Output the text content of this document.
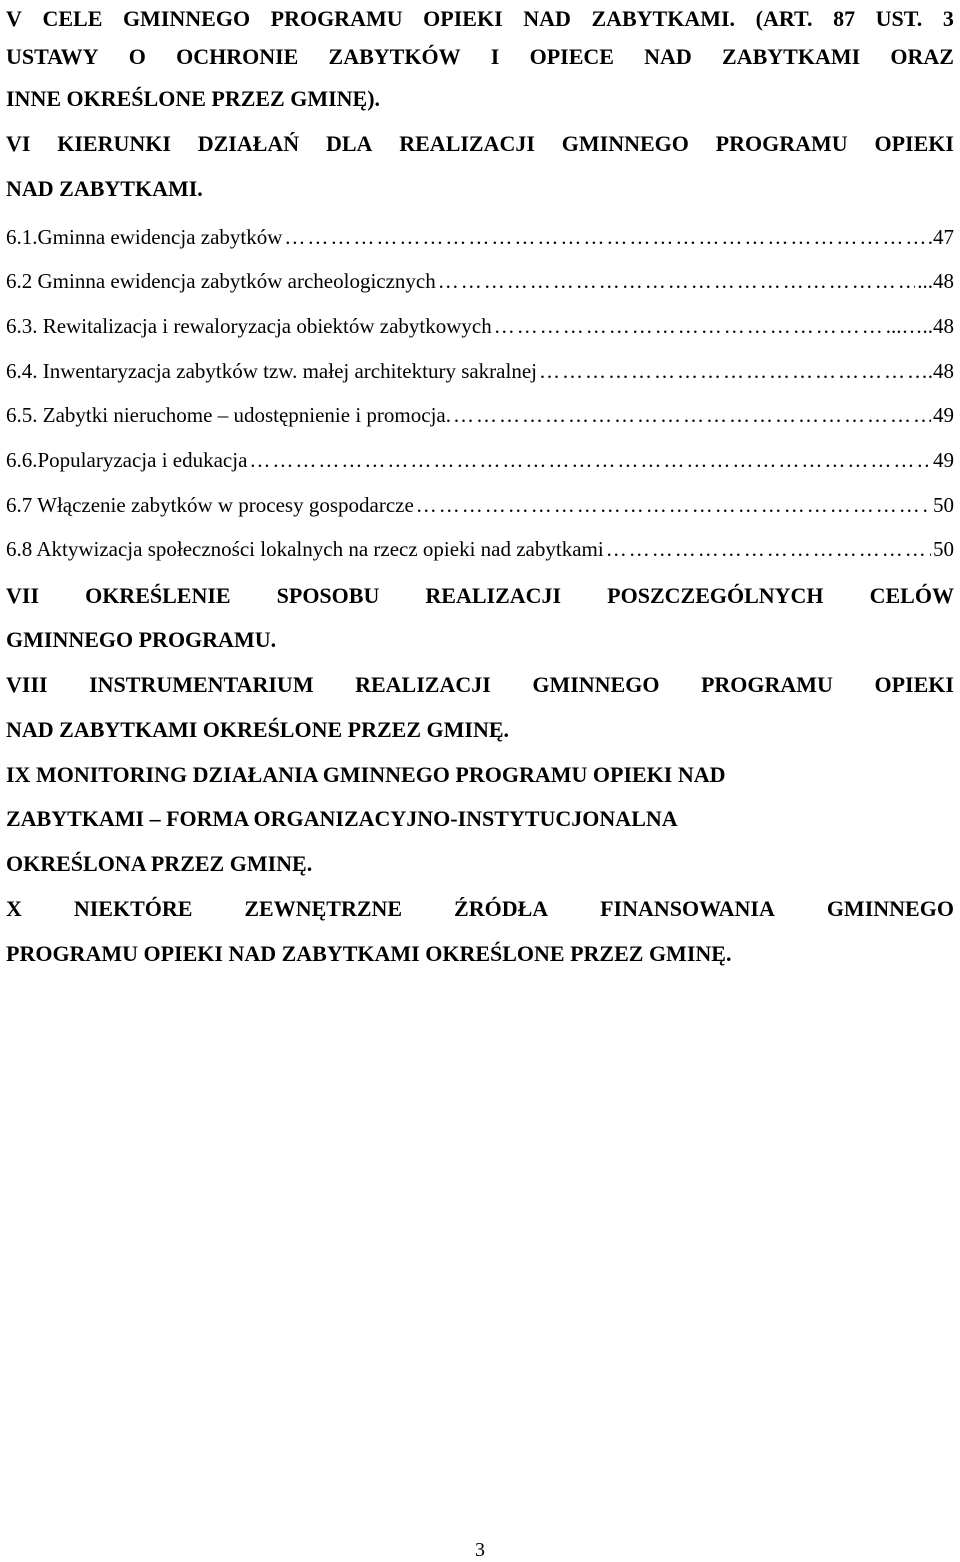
V CELE GMINNEGO PROGRAMU OPIEKI NAD ZABYTKAMI. (ART. 87 UST. 3
USTAWY O OCHRONIE ZABYTKÓW I OPIECE NAD ZABYTKAMI ORAZ
INNE OKREŚLONE PRZEZ GMINĘ).
VI KIERUNKI DZIAŁAŃ DLA REALIZACJI GMINNEGO PROGRAMU OPIEKI
NAD ZABYTKAMI.
6.1.Gminna ewidencja zabytków …………………………………………………………………………………………………………………………………………	.47
6.2 Gminna ewidencja zabytków archeologicznych …………………………………………………………………………………………………………………………………………	...48
6.3. Rewitalizacja i rewaloryzacja obiektów zabytkowych …………………………………………………………………………………………………………………………………………	...…..48
6.4. Inwentaryzacja zabytków tzw. małej architektury sakralnej …………………………………………………………………………………………………………………………………………	.48
6.5. Zabytki nieruchome – udostępnienie i promocja. …………………………………………………………………………………………………………………………………………	49
6.6.Popularyzacja i edukacja …………………………………………………………………………………………………………………………………………	49
6.7 Włączenie zabytków w procesy gospodarcze …………………………………………………………………………………………………………………………………………	50
6.8 Aktywizacja społeczności lokalnych na rzecz opieki nad zabytkami …………………………………………………………………………………………………………………………………………	50
VII OKREŚLENIE SPOSOBU REALIZACJI POSZCZEGÓLNYCH CELÓW
GMINNEGO PROGRAMU.
VIII INSTRUMENTARIUM REALIZACJI GMINNEGO PROGRAMU OPIEKI
NAD ZABYTKAMI OKREŚLONE PRZEZ GMINĘ.
IX MONITORING DZIAŁANIA GMINNEGO PROGRAMU OPIEKI NAD
ZABYTKAMI – FORMA ORGANIZACYJNO-INSTYTUCJONALNA
OKREŚLONA PRZEZ GMINĘ.
X NIEKTÓRE ZEWNĘTRZNE ŹRÓDŁA FINANSOWANIA GMINNEGO
PROGRAMU OPIEKI NAD ZABYTKAMI OKREŚLONE PRZEZ GMINĘ.
3
